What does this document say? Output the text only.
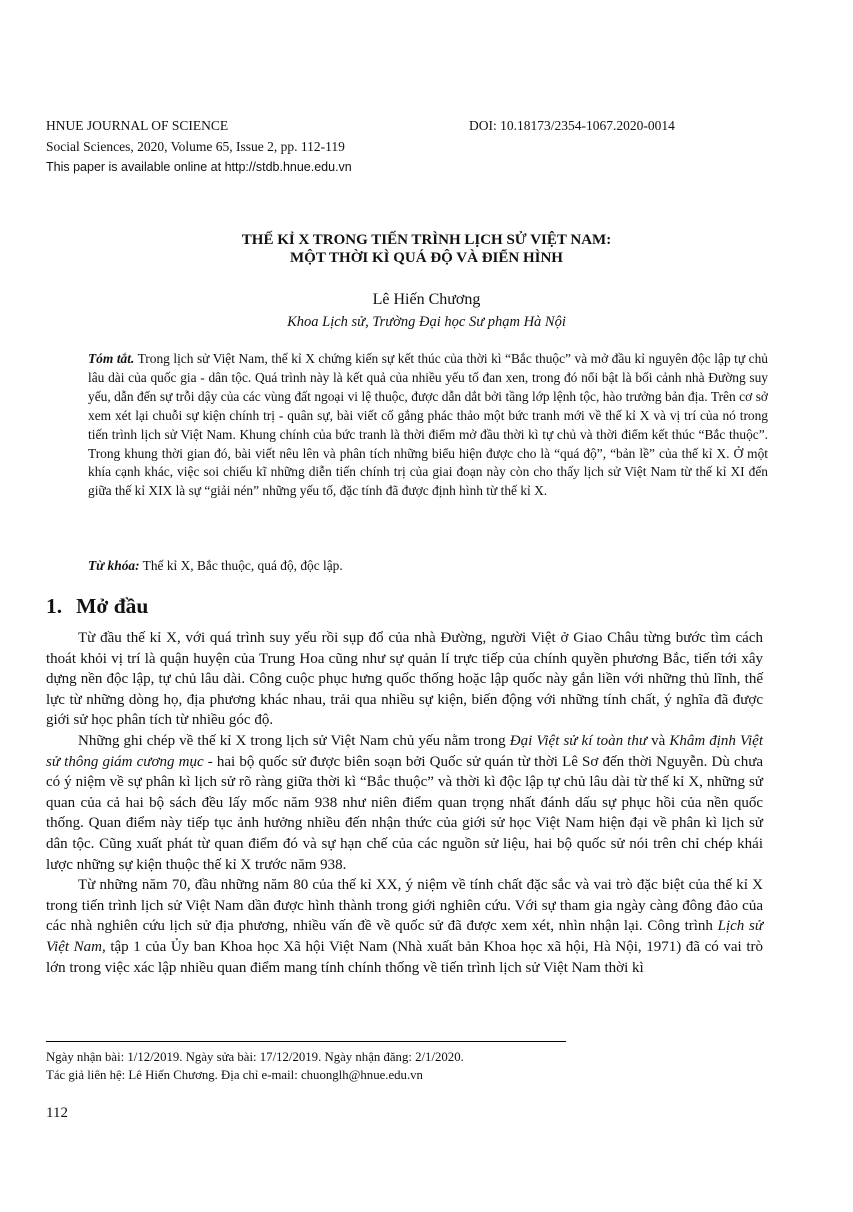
HNUE JOURNAL OF SCIENCE	DOI: 10.18173/2354-1067.2020-0014
Social Sciences, 2020, Volume 65, Issue 2, pp. 112-119
This paper is available online at http://stdb.hnue.edu.vn
THẾ KỈ X TRONG TIẾN TRÌNH LỊCH SỬ VIỆT NAM:
MỘT THỜI KÌ QUÁ ĐỘ VÀ ĐIỂN HÌNH
Lê Hiến Chương
Khoa Lịch sử, Trường Đại học Sư phạm Hà Nội

Tóm tắt. Trong lịch sử Việt Nam, thế kỉ X chứng kiến sự kết thúc của thời kì “Bắc thuộc” và mở đầu kỉ nguyên độc lập tự chủ lâu dài của quốc gia - dân tộc. Quá trình này là kết quả của nhiều yếu tố đan xen, trong đó nổi bật là bối cảnh nhà Đường suy yếu, dẫn đến sự trỗi dậy của các vùng đất ngoại vi lệ thuộc, được dẫn dắt bởi tầng lớp lệnh tộc, hào trưởng bản địa. Trên cơ sở xem xét lại chuỗi sự kiện chính trị - quân sự, bài viết cố gắng phác thảo một bức tranh mới về thế kỉ X và vị trí của nó trong tiến trình lịch sử Việt Nam. Khung chính của bức tranh là thời điểm mở đầu thời kì tự chủ và thời điểm kết thúc “Bắc thuộc”. Trong khung thời gian đó, bài viết nêu lên và phân tích những biểu hiện được cho là “quá độ”, “bản lề” của thế kỉ X. Ở một khía cạnh khác, việc soi chiếu kĩ những diễn tiến chính trị của giai đoạn này còn cho thấy lịch sử Việt Nam từ thế kỉ XI đến giữa thế kỉ XIX là sự “giải nén” những yếu tố, đặc tính đã được định hình từ thế kỉ X.

Từ khóa: Thế kỉ X, Bắc thuộc, quá độ, độc lập.

1. Mở đầu

Từ đầu thế kỉ X, với quá trình suy yếu rồi sụp đổ của nhà Đường, người Việt ở Giao Châu từng bước tìm cách thoát khỏi vị trí là quận huyện của Trung Hoa cũng như sự quản lí trực tiếp của chính quyền phương Bắc, tiến tới xây dựng nền độc lập, tự chủ lâu dài. Công cuộc phục hưng quốc thống hoặc lập quốc này gắn liền với những thủ lĩnh, thế lực từ những dòng họ, địa phương khác nhau, trải qua nhiều sự kiện, biến động với những tính chất, ý nghĩa đã được giới sử học phân tích từ nhiều góc độ.

Những ghi chép về thế kỉ X trong lịch sử Việt Nam chủ yếu nằm trong Đại Việt sử kí toàn thư và Khâm định Việt sử thông giám cương mục - hai bộ quốc sử được biên soạn bởi Quốc sử quán từ thời Lê Sơ đến thời Nguyễn. Dù chưa có ý niệm về sự phân kì lịch sử rõ ràng giữa thời kì “Bắc thuộc” và thời kì độc lập tự chủ lâu dài từ thế kỉ X, những sử quan của cả hai bộ sách đều lấy mốc năm 938 như niên điểm quan trọng nhất đánh dấu sự phục hồi của nền quốc thống. Quan điểm này tiếp tục ảnh hưởng nhiều đến nhận thức của giới sử học Việt Nam hiện đại về phân kì lịch sử dân tộc. Cũng xuất phát từ quan điểm đó và sự hạn chế của các nguồn sử liệu, hai bộ quốc sử nói trên chỉ chép khái lược những sự kiện thuộc thế kỉ X trước năm 938.

Từ những năm 70, đầu những năm 80 của thế kỉ XX, ý niệm về tính chất đặc sắc và vai trò đặc biệt của thế kỉ X trong tiến trình lịch sử Việt Nam dần được hình thành trong giới nghiên cứu. Với sự tham gia ngày càng đông đảo của các nhà nghiên cứu lịch sử địa phương, nhiều vấn đề về quốc sử đã được xem xét, nhìn nhận lại. Công trình Lịch sử Việt Nam, tập 1 của Ủy ban Khoa học Xã hội Việt Nam (Nhà xuất bản Khoa học xã hội, Hà Nội, 1971) đã có vai trò lớn trong việc xác lập nhiều quan điểm mang tính chính thống về tiến trình lịch sử Việt Nam thời kì

Ngày nhận bài: 1/12/2019. Ngày sửa bài: 17/12/2019. Ngày nhận đăng: 2/1/2020.
Tác giả liên hệ: Lê Hiến Chương. Địa chỉ e-mail: chuonglh@hnue.edu.vn
112
